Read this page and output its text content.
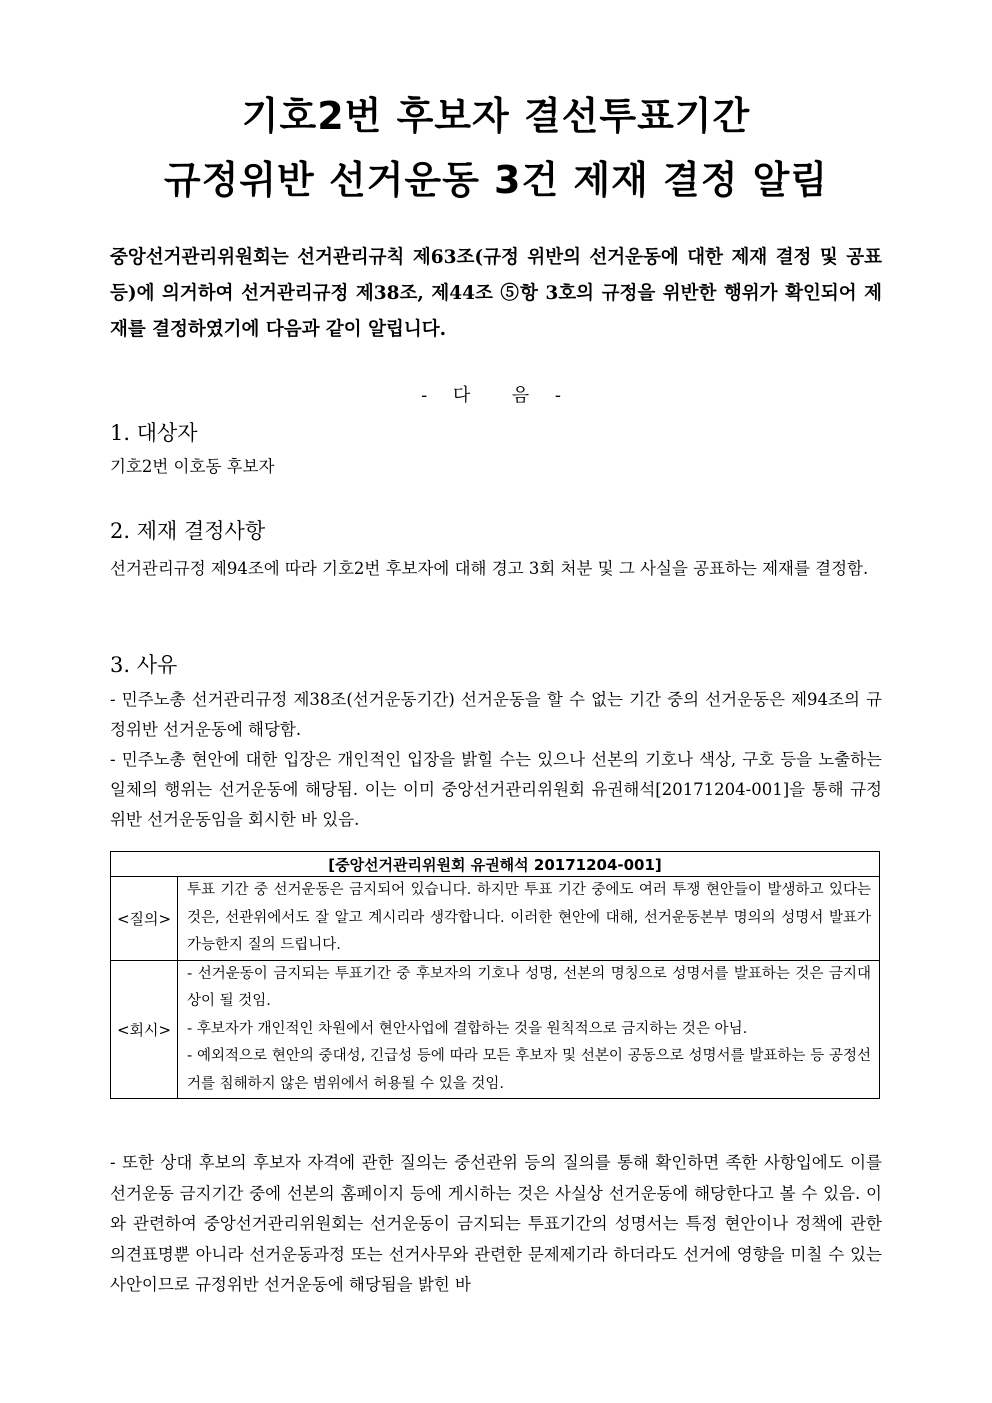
기호2번 후보자 결선투표기간
규정위반 선거운동 3건 제재 결정 알림

중앙선거관리위원회는 선거관리규칙 제63조(규정 위반의 선거운동에 대한 제재 결정 및 공표 등)에 의거하여 선거관리규정 제38조, 제44조 ⑤항 3호의 규정을 위반한 행위가 확인되어 제재를 결정하였기에 다음과 같이 알립니다.

- 다  음 -
1. 대상자

기호2번 이호동 후보자

2. 제재 결정사항

선거관리규정 제94조에 따라 기호2번 후보자에 대해 경고 3회 처분 및 그 사실을 공표하는 제재를 결정함.

3. 사유

- 민주노총 선거관리규정 제38조(선거운동기간) 선거운동을 할 수 없는 기간 중의 선거운동은 제94조의 규정위반 선거운동에 해당함.

- 민주노총 현안에 대한 입장은 개인적인 입장을 밝힐 수는 있으나 선본의 기호나 색상, 구호 등을 노출하는 일체의 행위는 선거운동에 해당됨. 이는 이미 중앙선거관리위원회 유권해석[20171204-001]을 통해 규정위반 선거운동임을 회시한 바 있음.

[중앙선거관리위원회 유권해석 20171204-001]	
<질의>	투표 기간 중 선거운동은 금지되어 있습니다. 하지만 투표 기간 중에도 여러 투쟁 현안들이 발생하고 있다는 것은, 선관위에서도 잘 알고 계시리라 생각합니다. 이러한 현안에 대해, 선거운동본부 명의의 성명서 발표가 가능한지 질의 드립니다.
<회시>	- 선거운동이 금지되는 투표기간 중 후보자의 기호나 성명, 선본의 명칭으로 성명서를 발표하는 것은 금지대상이 될 것임.
- 후보자가 개인적인 차원에서 현안사업에 결합하는 것을 원칙적으로 금지하는 것은 아님.
- 예외적으로 현안의 중대성, 긴급성 등에 따라 모든 후보자 및 선본이 공동으로 성명서를 발표하는 등 공정선거를 침해하지 않은 범위에서 허용될 수 있을 것임.

- 또한 상대 후보의 후보자 자격에 관한 질의는 중선관위 등의 질의를 통해 확인하면 족한 사항입에도 이를 선거운동 금지기간 중에 선본의 홈페이지 등에 게시하는 것은 사실상 선거운동에 해당한다고 볼 수 있음. 이와 관련하여 중앙선거관리위원회는 선거운동이 금지되는 투표기간의 성명서는 특정 현안이나 정책에 관한 의견표명뿐 아니라 선거운동과정 또는 선거사무와 관련한 문제제기라 하더라도 선거에 영향을 미칠 수 있는 사안이므로 규정위반 선거운동에 해당됨을 밝힌 바
